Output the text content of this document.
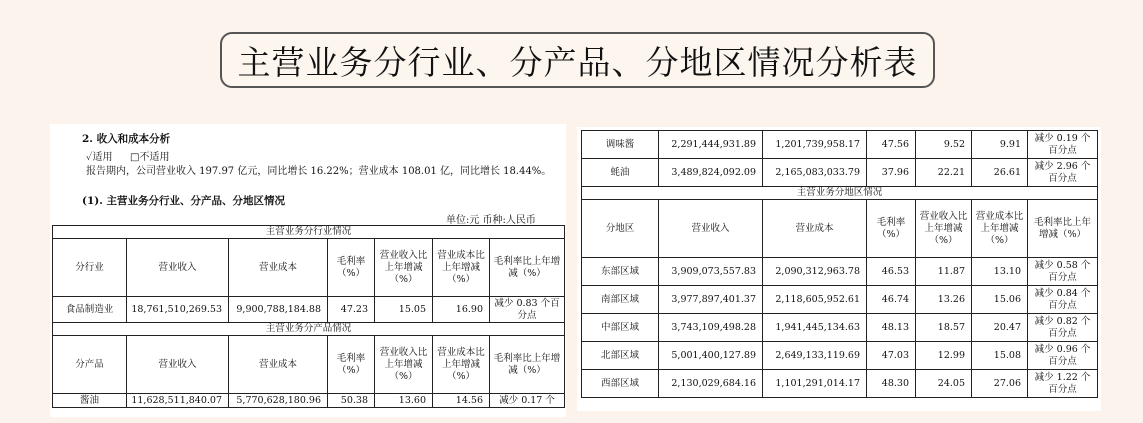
主营业务分行业、分产品、分地区情况分析表
2. 收入和成本分析
✓适用 □不适用
报告期内，公司营业收入 197.97 亿元，同比增长 16.22%；营业成本 108.01 亿，同比增长 18.44%。
(1). 主营业务分行业、分产品、分地区情况
单位:元 币种:人民币
主营业务分行业情况						
分行业	营业收入	营业成本	毛利率（%）	营业收入比上年增减（%）	营业成本比上年增减（%）	毛利率比上年增减（%）
食品制造业	18,761,510,269.53	9,900,788,184.88	47.23	15.05	16.90	减少 0.83 个百分点
主营业务分产品情况						
分产品	营业收入	营业成本	毛利率（%）	营业收入比上年增减（%）	营业成本比上年增减（%）	毛利率比上年增减（%）
酱油	11,628,511,840.07	5,770,628,180.96	50.38	13.60	14.56	减少 0.17 个
调味酱	2,291,444,931.89	1,201,739,958.17	47.56	9.52	9.91	减少 0.19 个百分点
蚝油	3,489,824,092.09	2,165,083,033.79	37.96	22.21	26.61	减少 2.96 个百分点
主营业务分地区情况						
分地区	营业收入	营业成本	毛利率（%）	营业收入比上年增减（%）	营业成本比上年增减（%）	毛利率比上年增减（%）
东部区域	3,909,073,557.83	2,090,312,963.78	46.53	11.87	13.10	减少 0.58 个百分点
南部区域	3,977,897,401.37	2,118,605,952.61	46.74	13.26	15.06	减少 0.84 个百分点
中部区域	3,743,109,498.28	1,941,445,134.63	48.13	18.57	20.47	减少 0.82 个百分点
北部区域	5,001,400,127.89	2,649,133,119.69	47.03	12.99	15.08	减少 0.96 个百分点
西部区域	2,130,029,684.16	1,101,291,014.17	48.30	24.05	27.06	减少 1.22 个百分点
